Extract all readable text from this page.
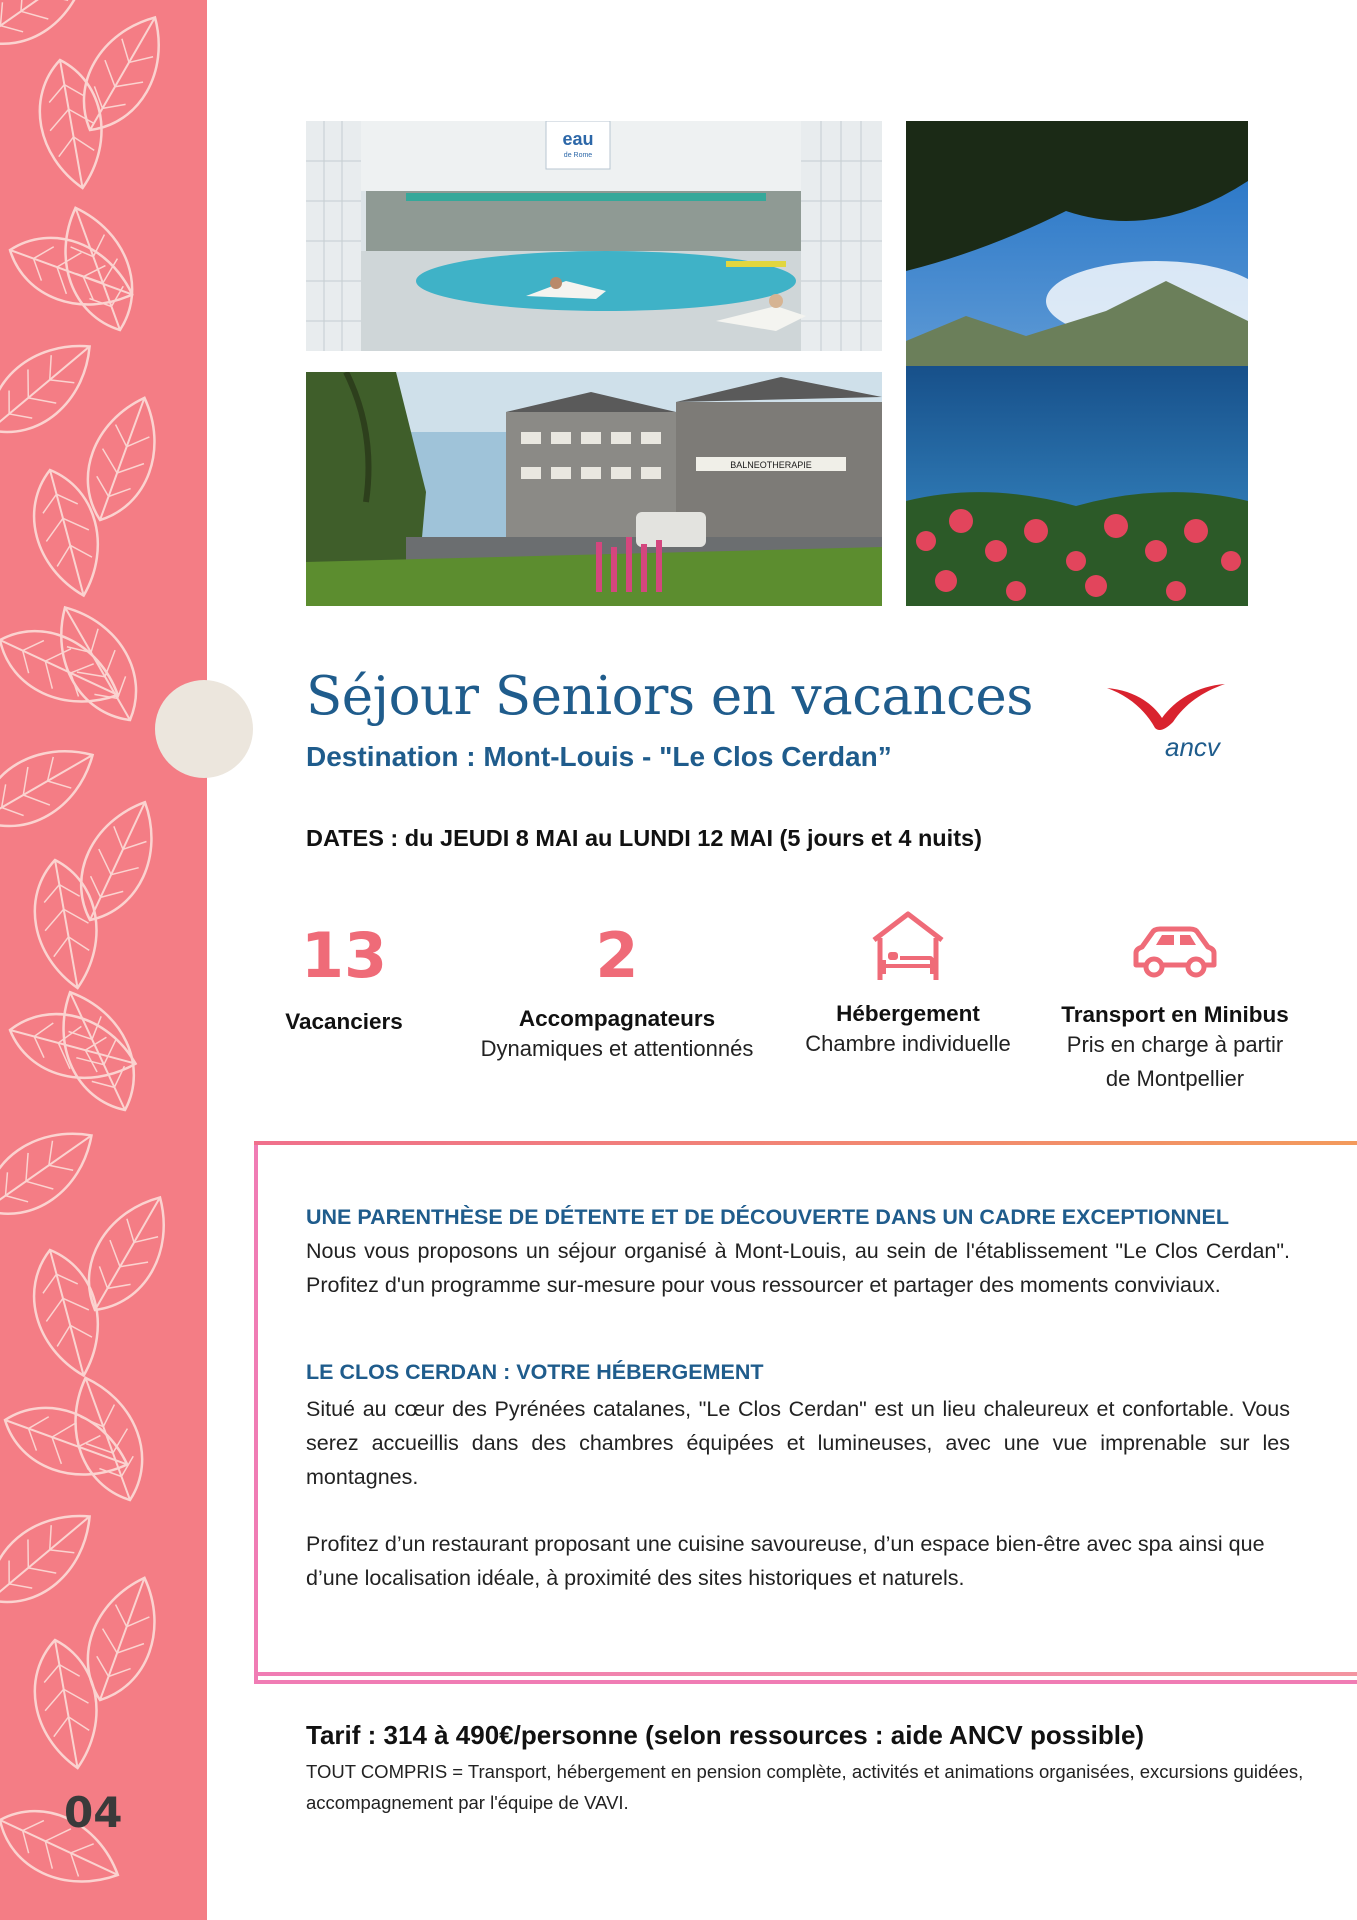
04
eau
de Rome
BALNEOTHERAPIE
Séjour Seniors en vacances
Destination : Mont-Louis - "Le Clos Cerdan”	ancv
DATES : du JEUDI 8 MAI au LUNDI 12 MAI (5 jours et 4 nuits)
13
Vacanciers
2
Accompagnateurs
Dynamiques et attentionnés
Hébergement
Chambre individuelle
Transport en Minibus
Pris en charge à partir
de Montpellier
UNE PARENTHÈSE DE DÉTENTE ET DE DÉCOUVERTE DANS UN CADRE EXCEPTIONNEL
Nous vous proposons un séjour organisé à Mont-Louis, au sein de l'établissement "Le Clos Cerdan". Profitez d'un programme sur-mesure pour vous ressourcer et partager des moments conviviaux.
LE CLOS CERDAN : VOTRE HÉBERGEMENT
Situé au cœur des Pyrénées catalanes, "Le Clos Cerdan" est un lieu chaleureux et confortable. Vous serez accueillis dans des chambres équipées et lumineuses, avec une vue imprenable sur les montagnes.
Profitez d’un restaurant proposant une cuisine savoureuse, d’un espace bien-être avec spa ainsi que d’une localisation idéale, à proximité des sites historiques et naturels.
Tarif : 314 à 490€/personne (selon ressources : aide ANCV possible)
TOUT COMPRIS = Transport, hébergement en pension complète, activités et animations organisées, excursions guidées, accompagnement par l'équipe de VAVI.
